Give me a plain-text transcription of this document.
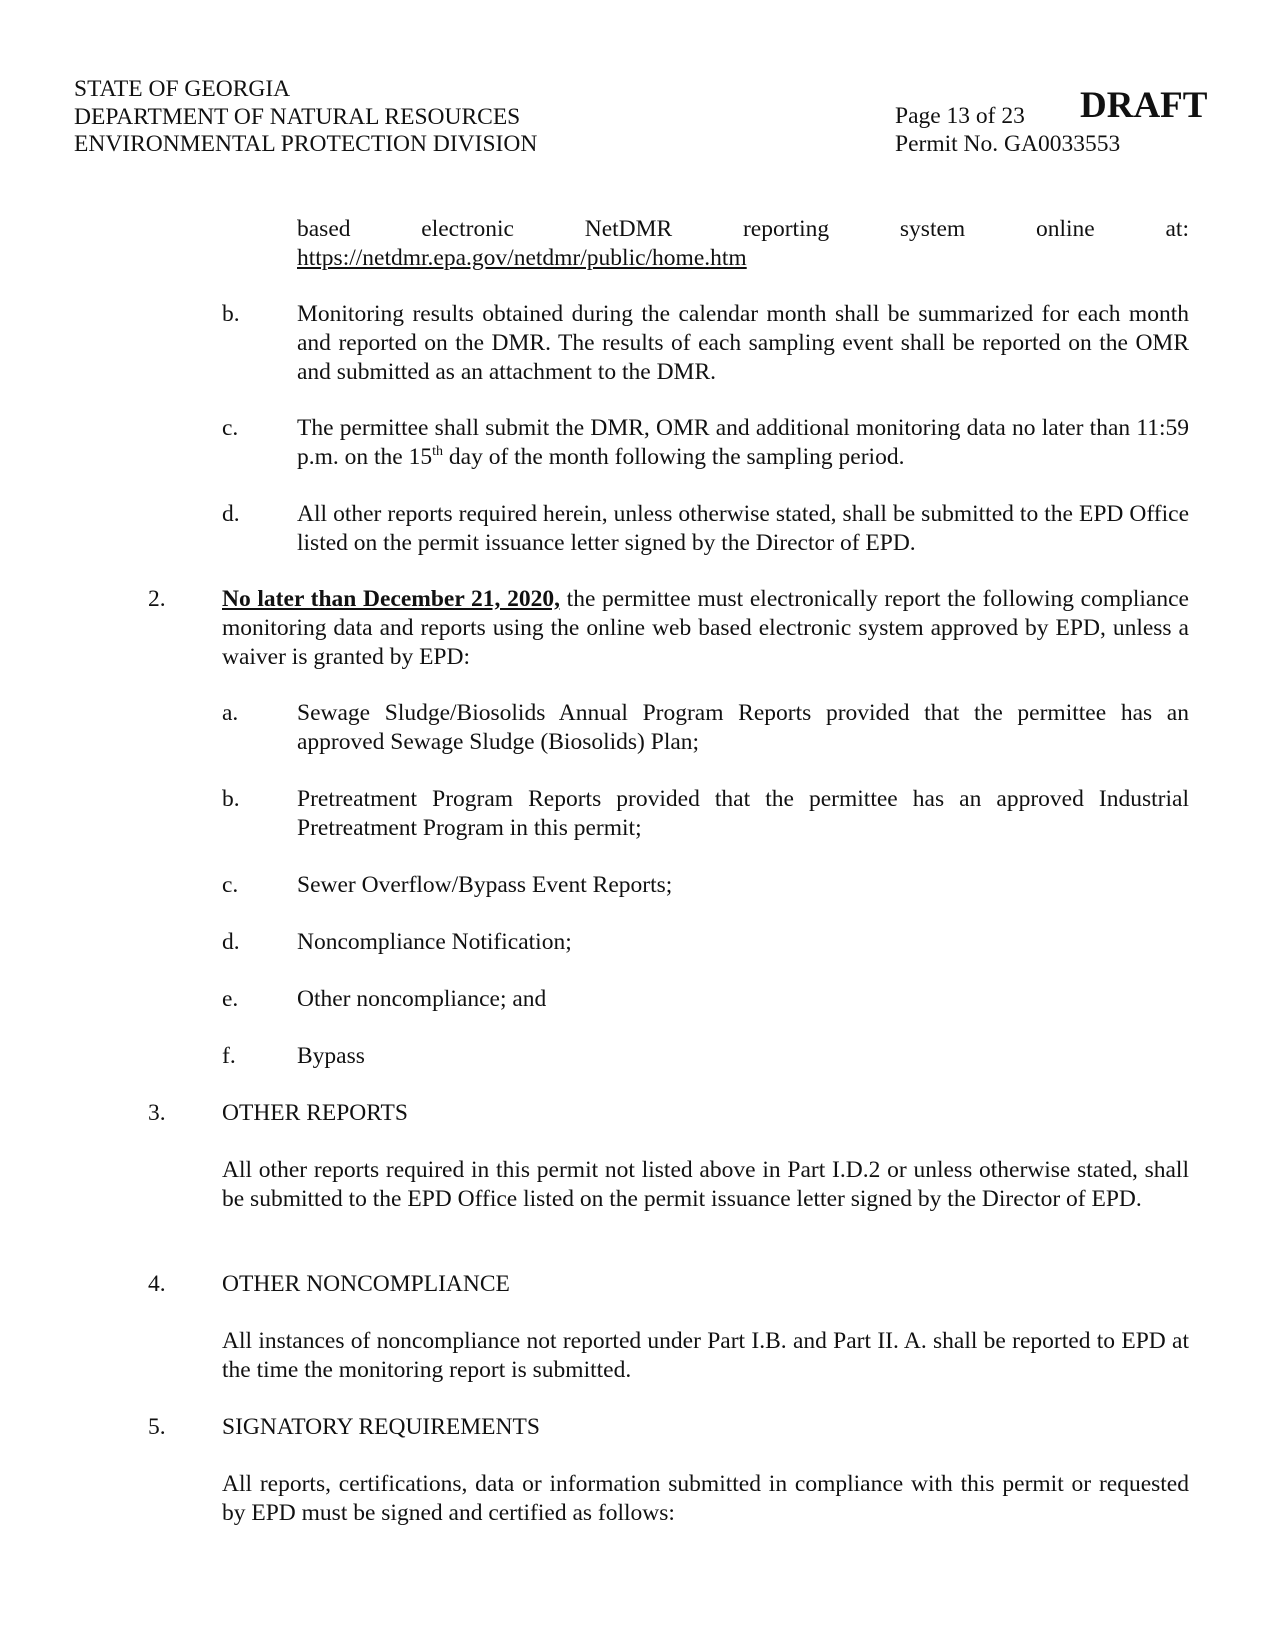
STATE OF GEORGIA
DEPARTMENT OF NATURAL RESOURCES
ENVIRONMENTAL PROTECTION DIVISION
Page 13 of 23
Permit No. GA0033553
DRAFT
based electronic NetDMR reporting system online at:
https://netdmr.epa.gov/netdmr/public/home.htm
b. Monitoring results obtained during the calendar month shall be summarized for each month and reported on the DMR. The results of each sampling event shall be reported on the OMR and submitted as an attachment to the DMR.
c. The permittee shall submit the DMR, OMR and additional monitoring data no later than 11:59 p.m. on the 15th day of the month following the sampling period.
d. All other reports required herein, unless otherwise stated, shall be submitted to the EPD Office listed on the permit issuance letter signed by the Director of EPD.
2. No later than December 21, 2020, the permittee must electronically report the following compliance monitoring data and reports using the online web based electronic system approved by EPD, unless a waiver is granted by EPD:
a. Sewage Sludge/Biosolids Annual Program Reports provided that the permittee has an approved Sewage Sludge (Biosolids) Plan;
b. Pretreatment Program Reports provided that the permittee has an approved Industrial Pretreatment Program in this permit;
c. Sewer Overflow/Bypass Event Reports;
d. Noncompliance Notification;
e. Other noncompliance; and
f.	Bypass
3. OTHER REPORTS
All other reports required in this permit not listed above in Part I.D.2 or unless otherwise stated, shall be submitted to the EPD Office listed on the permit issuance letter signed by the Director of EPD.
4. OTHER NONCOMPLIANCE
All instances of noncompliance not reported under Part I.B. and Part II. A. shall be reported to EPD at the time the monitoring report is submitted.
5. SIGNATORY REQUIREMENTS
All reports, certifications, data or information submitted in compliance with this permit or requested by EPD must be signed and certified as follows:
